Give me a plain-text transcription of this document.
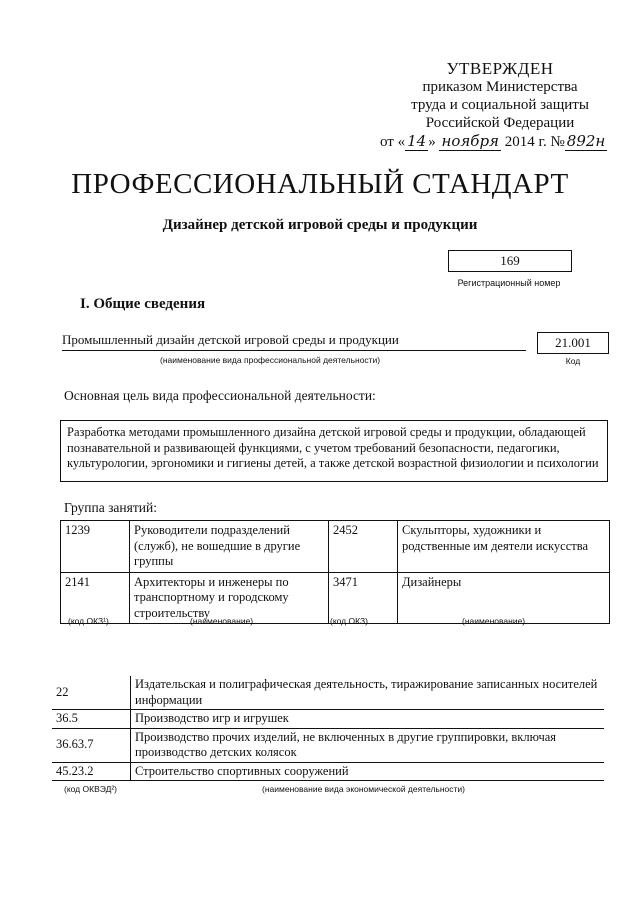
УТВЕРЖДЕН
приказом Министерства
труда и социальной защиты
Российской Федерации
от « 14 » ноября 2014 г. № 892н
ПРОФЕССИОНАЛЬНЫЙ СТАНДАРТ
Дизайнер детской игровой среды и продукции
169
Регистрационный номер
I. Общие сведения
Промышленный дизайн детской игровой среды и продукции
(наименование вида профессиональной деятельности)
21.001
Код
Основная цель вида профессиональной деятельности:
Разработка методами промышленного дизайна детской игровой среды и продукции, обладающей познавательной и развивающей функциями, с учетом требований безопасности, педагогики, культурологии, эргономики и гигиены детей, а также детской возрастной физиологии и психологии
Группа занятий:
1239	Руководители подразделений (служб), не вошедшие в другие группы	2452	Скульпторы, художники и родственные им деятели искусства
2141	Архитекторы и инженеры по транспортному и городскому строительству	3471	Дизайнеры
(код ОКЗ¹)	(наименование)	(код ОКЗ)	(наименование)
22	Издательская и полиграфическая деятельность, тиражирование записанных носителей информации
36.5	Производство игр и игрушек
36.63.7	Производство прочих изделий, не включенных в другие группировки, включая производство детских колясок
45.23.2	Строительство спортивных сооружений
(код ОКВЭД²)	(наименование вида экономической деятельности)
